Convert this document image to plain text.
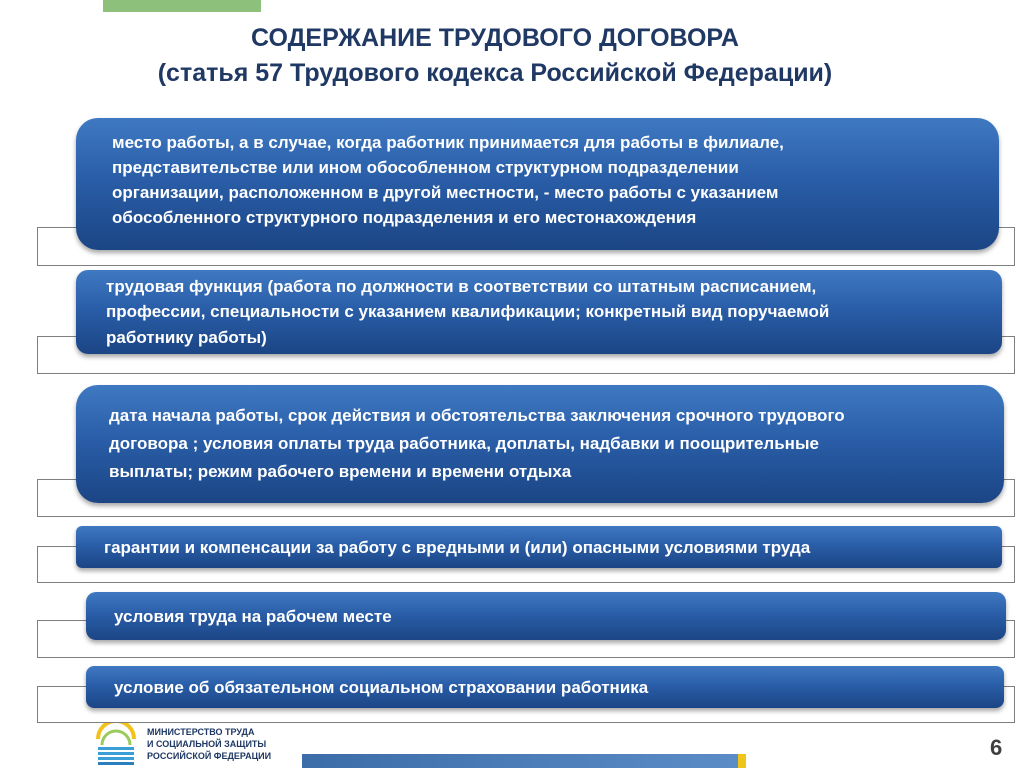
СОДЕРЖАНИЕ ТРУДОВОГО ДОГОВОРА
(статья 57 Трудового кодекса Российской Федерации)
место работы, а в случае, когда работник принимается для работы в филиале,
представительстве или ином обособленном структурном подразделении
организации, расположенном в другой местности, - место работы с указанием
обособленного структурного подразделения и его местонахождения
трудовая функция (работа по должности в соответствии со штатным расписанием,
профессии, специальности с указанием квалификации; конкретный вид поручаемой
работнику работы)
дата начала работы, срок действия и обстоятельства заключения срочного трудового
договора ; условия оплаты труда работника, доплаты, надбавки и поощрительные
выплаты; режим рабочего времени и времени отдыха
гарантии и компенсации за работу с вредными и (или) опасными условиями труда
условия труда на рабочем месте
условие об обязательном социальном страховании работника
МИНИСТЕРСТВО ТРУДА
И СОЦИАЛЬНОЙ ЗАЩИТЫ
РОССИЙСКОЙ ФЕДЕРАЦИИ	6
